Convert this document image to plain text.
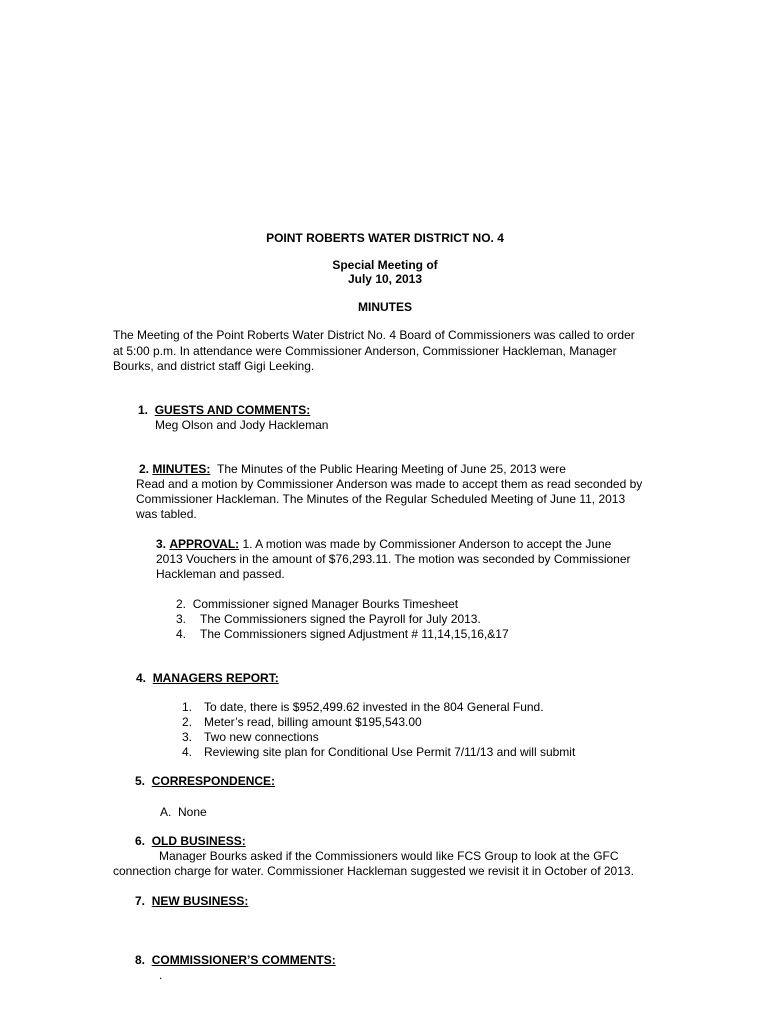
POINT ROBERTS WATER DISTRICT NO. 4
Special Meeting of
July 10, 2013
MINUTES
The Meeting of the Point Roberts Water District No. 4 Board of Commissioners was called to order
at 5:00 p.m. In attendance were Commissioner Anderson, Commissioner Hackleman, Manager
Bourks, and district staff Gigi Leeking.
1. GUESTS AND COMMENTS:
Meg Olson and Jody Hackleman
2. MINUTES: The Minutes of the Public Hearing Meeting of June 25, 2013 were
Read and a motion by Commissioner Anderson was made to accept them as read seconded by
Commissioner Hackleman. The Minutes of the Regular Scheduled Meeting of June 11, 2013
was tabled.
3. APPROVAL: 1. A motion was made by Commissioner Anderson to accept the June
2013 Vouchers in the amount of $76,293.11. The motion was seconded by Commissioner
Hackleman and passed.
2. Commissioner signed Manager Bourks Timesheet
3. The Commissioners signed the Payroll for July 2013.
4. The Commissioners signed Adjustment # 11,14,15,16,&17
4. MANAGERS REPORT:
1. To date, there is $952,499.62 invested in the 804 General Fund.
2. Meter’s read, billing amount $195,543.00
3. Two new connections
4. Reviewing site plan for Conditional Use Permit 7/11/13 and will submit
5. CORRESPONDENCE:
A.  None
6. OLD BUSINESS:
Manager Bourks asked if the Commissioners would like FCS Group to look at the GFC
connection charge for water. Commissioner Hackleman suggested we revisit it in October of 2013.
7. NEW BUSINESS:
8. COMMISSIONER’S COMMENTS:
.
